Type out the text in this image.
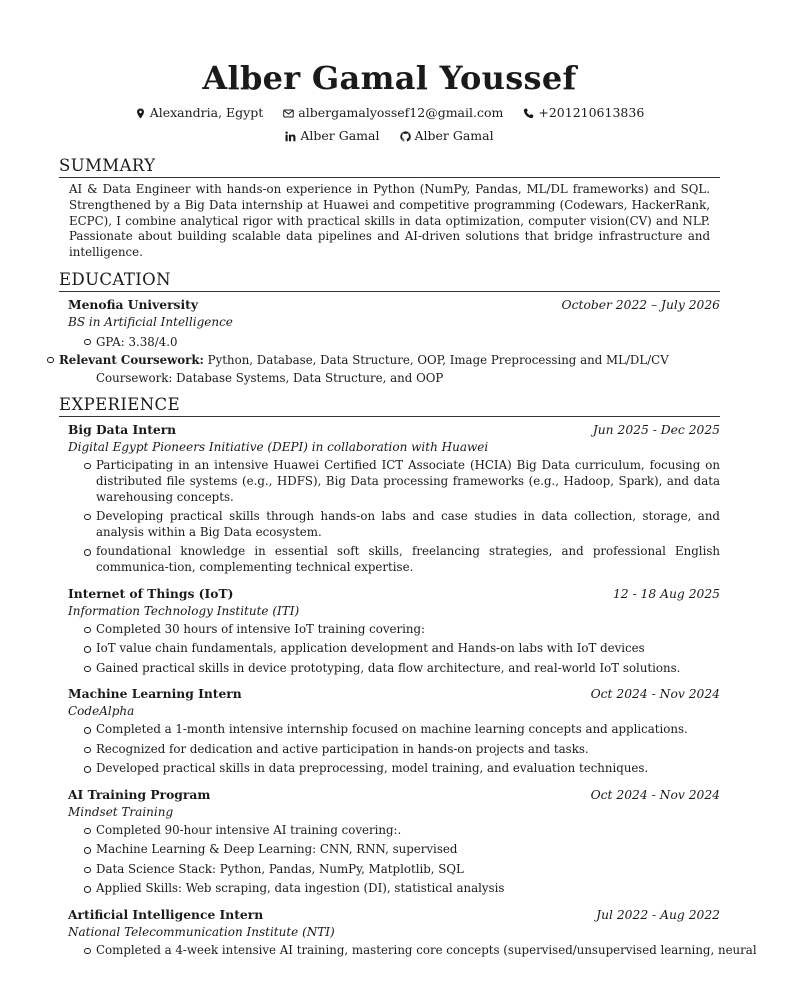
Alber Gamal Youssef
Alexandria, Egypt	albergamalyossef12@gmail.com	+201210613836
Alber Gamal	Alber Gamal
SUMMARY

AI & Data Engineer with hands-on experience in Python (NumPy, Pandas, ML/DL frameworks) and SQL. Strengthened by a Big Data internship at Huawei and competitive programming (Codewars, HackerRank, ECPC), I combine analytical rigor with practical skills in data optimization, computer vision(CV) and NLP. Passionate about building scalable data pipelines and AI-driven solutions that bridge infrastructure and intelligence.

EDUCATION
Menofia University	October 2022 – July 2026
BS in Artificial Intelligence
GPA: 3.38/4.0
Relevant Coursework: Python, Database, Data Structure, OOP, Image Preprocessing and ML/DL/CV Coursework: Database Systems, Data Structure, and OOP
EXPERIENCE
Big Data Intern	Jun 2025 - Dec 2025
Digital Egypt Pioneers Initiative (DEPI) in collaboration with Huawei
Participating in an intensive Huawei Certified ICT Associate (HCIA) Big Data curriculum, focusing on distributed file systems (e.g., HDFS), Big Data processing frameworks (e.g., Hadoop, Spark), and data warehousing concepts.
Developing practical skills through hands-on labs and case studies in data collection, storage, and analysis within a Big Data ecosystem.
foundational knowledge in essential soft skills, freelancing strategies, and professional English communica-tion, complementing technical expertise.
Internet of Things (IoT)	12 - 18 Aug 2025
Information Technology Institute (ITI)
Completed 30 hours of intensive IoT training covering:
IoT value chain fundamentals, application development and Hands-on labs with IoT devices
Gained practical skills in device prototyping, data flow architecture, and real-world IoT solutions.
Machine Learning Intern	Oct 2024 - Nov 2024
CodeAlpha
Completed a 1-month intensive internship focused on machine learning concepts and applications.
Recognized for dedication and active participation in hands-on projects and tasks.
Developed practical skills in data preprocessing, model training, and evaluation techniques.
AI Training Program	Oct 2024 - Nov 2024
Mindset Training
Completed 90-hour intensive AI training covering:.
Machine Learning & Deep Learning: CNN, RNN, supervised
Data Science Stack: Python, Pandas, NumPy, Matplotlib, SQL
Applied Skills: Web scraping, data ingestion (DI), statistical analysis
Artificial Intelligence Intern	Jul 2022 - Aug 2022
National Telecommunication Institute (NTI)
Completed a 4-week intensive AI training, mastering core concepts (supervised/unsupervised learning, neural
